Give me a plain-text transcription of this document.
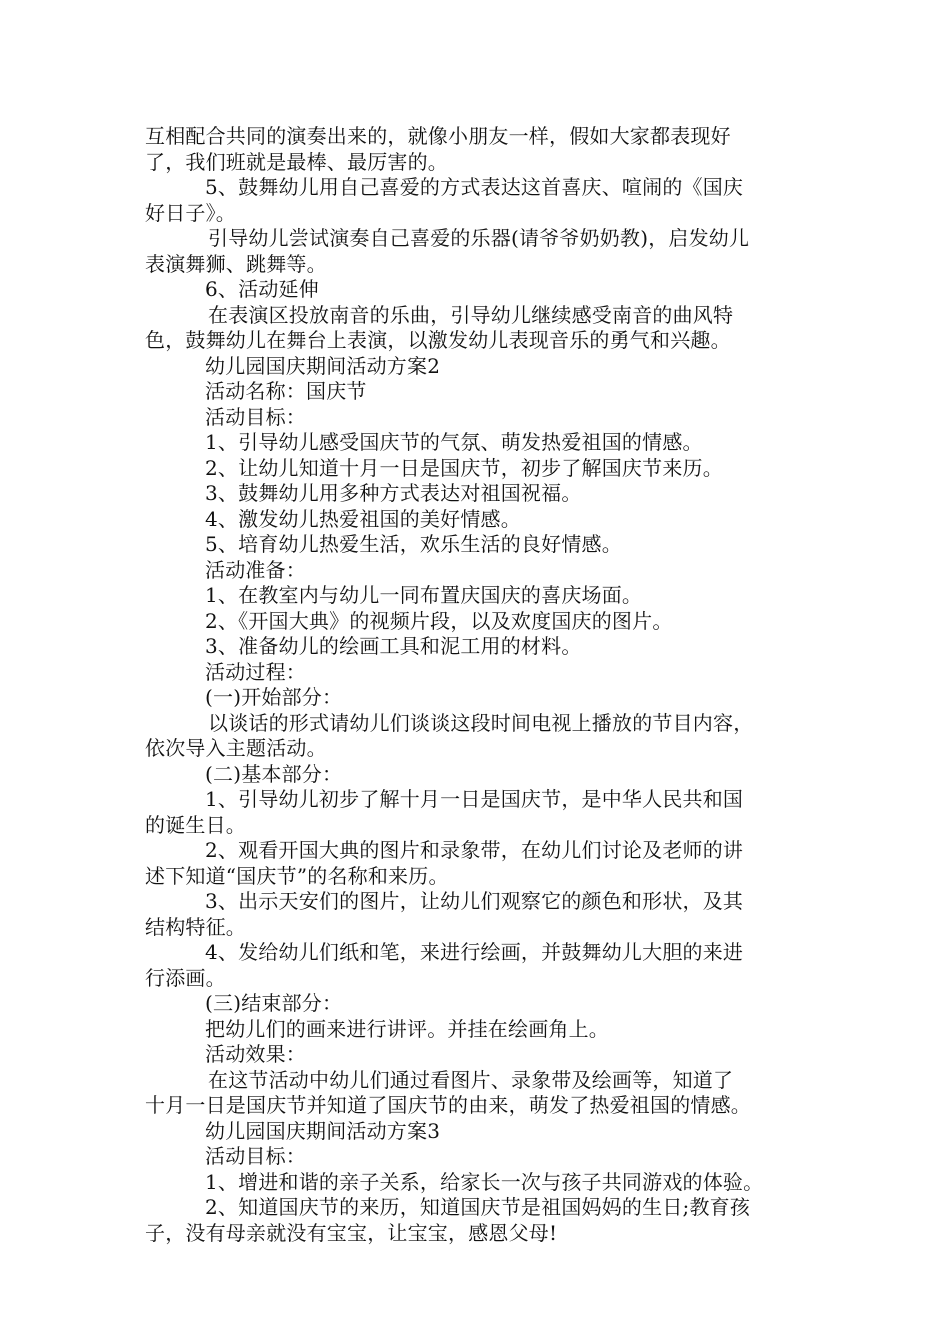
互相配合共同的演奏出来的，就像小朋友一样，假如大家都表现好
了，我们班就是最棒、最厉害的。
5、鼓舞幼儿用自己喜爱的方式表达这首喜庆、喧闹的《国庆
好日子》。
引导幼儿尝试演奏自己喜爱的乐器(请爷爷奶奶教)，启发幼儿
表演舞狮、跳舞等。
6、活动延伸
在表演区投放南音的乐曲，引导幼儿继续感受南音的曲风特
色，鼓舞幼儿在舞台上表演，以激发幼儿表现音乐的勇气和兴趣。
幼儿园国庆期间活动方案2
活动名称：国庆节
活动目标：
1、引导幼儿感受国庆节的气氛、萌发热爱祖国的情感。
2、让幼儿知道十月一日是国庆节，初步了解国庆节来历。
3、鼓舞幼儿用多种方式表达对祖国祝福。
4、激发幼儿热爱祖国的美好情感。
5、培育幼儿热爱生活，欢乐生活的良好情感。
活动准备：
1、在教室内与幼儿一同布置庆国庆的喜庆场面。
2、《开国大典》的视频片段，以及欢度国庆的图片。
3、准备幼儿的绘画工具和泥工用的材料。
活动过程：
(一)开始部分：
以谈话的形式请幼儿们谈谈这段时间电视上播放的节目内容，
依次导入主题活动。
(二)基本部分：
1、引导幼儿初步了解十月一日是国庆节，是中华人民共和国
的诞生日。
2、观看开国大典的图片和录象带，在幼儿们讨论及老师的讲
述下知道“国庆节”的名称和来历。
3、出示天安们的图片，让幼儿们观察它的颜色和形状，及其
结构特征。
4、发给幼儿们纸和笔，来进行绘画，并鼓舞幼儿大胆的来进
行添画。
(三)结束部分：
把幼儿们的画来进行讲评。并挂在绘画角上。
活动效果：
在这节活动中幼儿们通过看图片、录象带及绘画等，知道了
十月一日是国庆节并知道了国庆节的由来，萌发了热爱祖国的情感。
幼儿园国庆期间活动方案3
活动目标：
1、增进和谐的亲子关系，给家长一次与孩子共同游戏的体验。
2、知道国庆节的来历，知道国庆节是祖国妈妈的生日;教育孩
子，没有母亲就没有宝宝，让宝宝，感恩父母!
